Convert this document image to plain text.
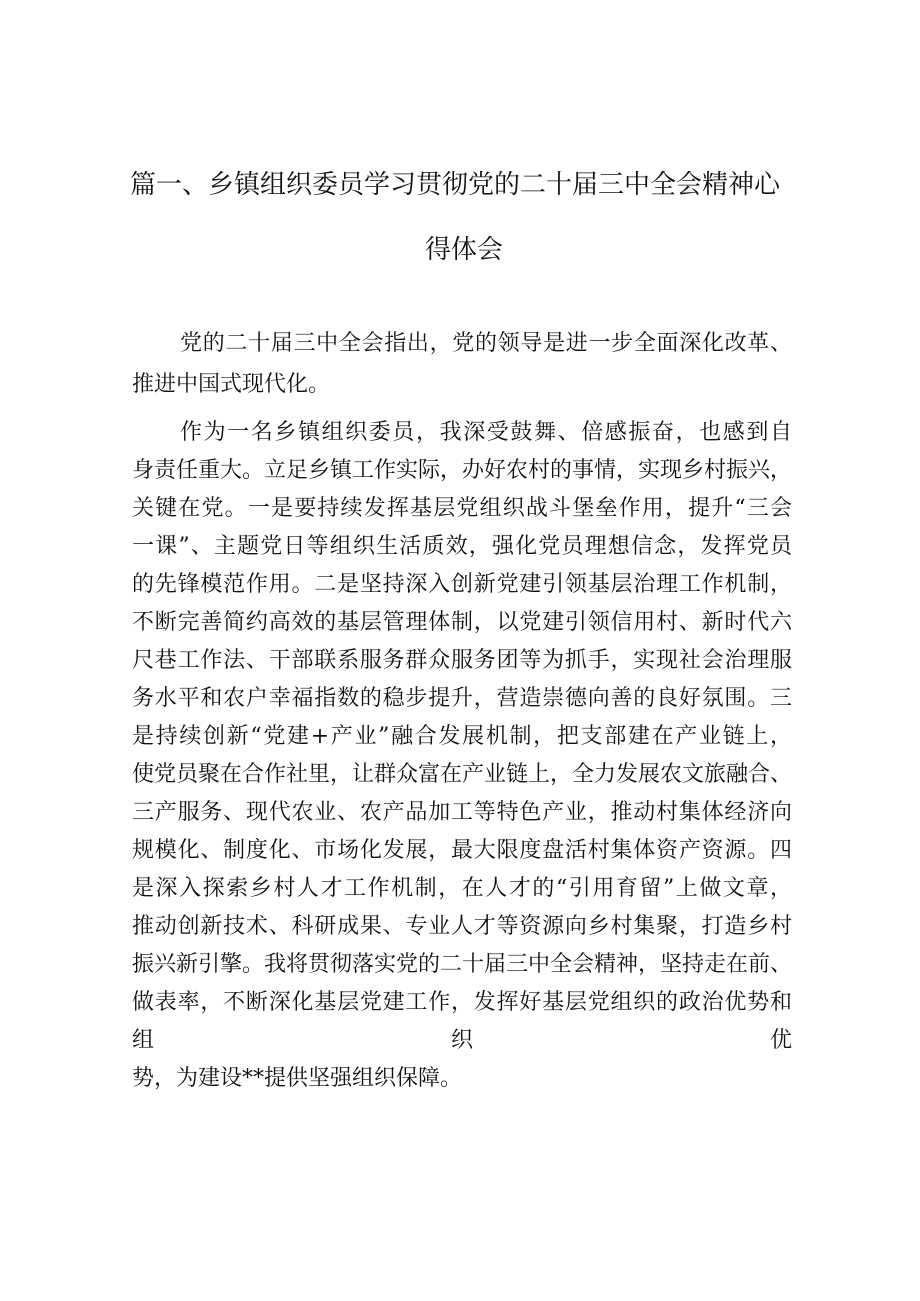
篇一、乡镇组织委员学习贯彻党的二十届三中全会精神心
得体会
党的二十届三中全会指出，党的领导是进一步全面深化改革、
推进中国式现代化。
作为一名乡镇组织委员，我深受鼓舞、倍感振奋，也感到自
身责任重大。立足乡镇工作实际，办好农村的事情，实现乡村振兴，
关键在党。一是要持续发挥基层党组织战斗堡垒作用，提升“三会
一课”、主题党日等组织生活质效，强化党员理想信念，发挥党员
的先锋模范作用。二是坚持深入创新党建引领基层治理工作机制，
不断完善简约高效的基层管理体制，以党建引领信用村、新时代六
尺巷工作法、干部联系服务群众服务团等为抓手，实现社会治理服
务水平和农户幸福指数的稳步提升，营造崇德向善的良好氛围。三
是持续创新“党建+产业”融合发展机制，把支部建在产业链上，
使党员聚在合作社里，让群众富在产业链上，全力发展农文旅融合、
三产服务、现代农业、农产品加工等特色产业，推动村集体经济向
规模化、制度化、市场化发展，最大限度盘活村集体资产资源。四
是深入探索乡村人才工作机制，在人才的“引用育留”上做文章，
推动创新技术、科研成果、专业人才等资源向乡村集聚，打造乡村
振兴新引擎。我将贯彻落实党的二十届三中全会精神，坚持走在前、
做表率，不断深化基层党建工作，发挥好基层党组织的政治优势和
组织优
势，为建设**提供坚强组织保障。
